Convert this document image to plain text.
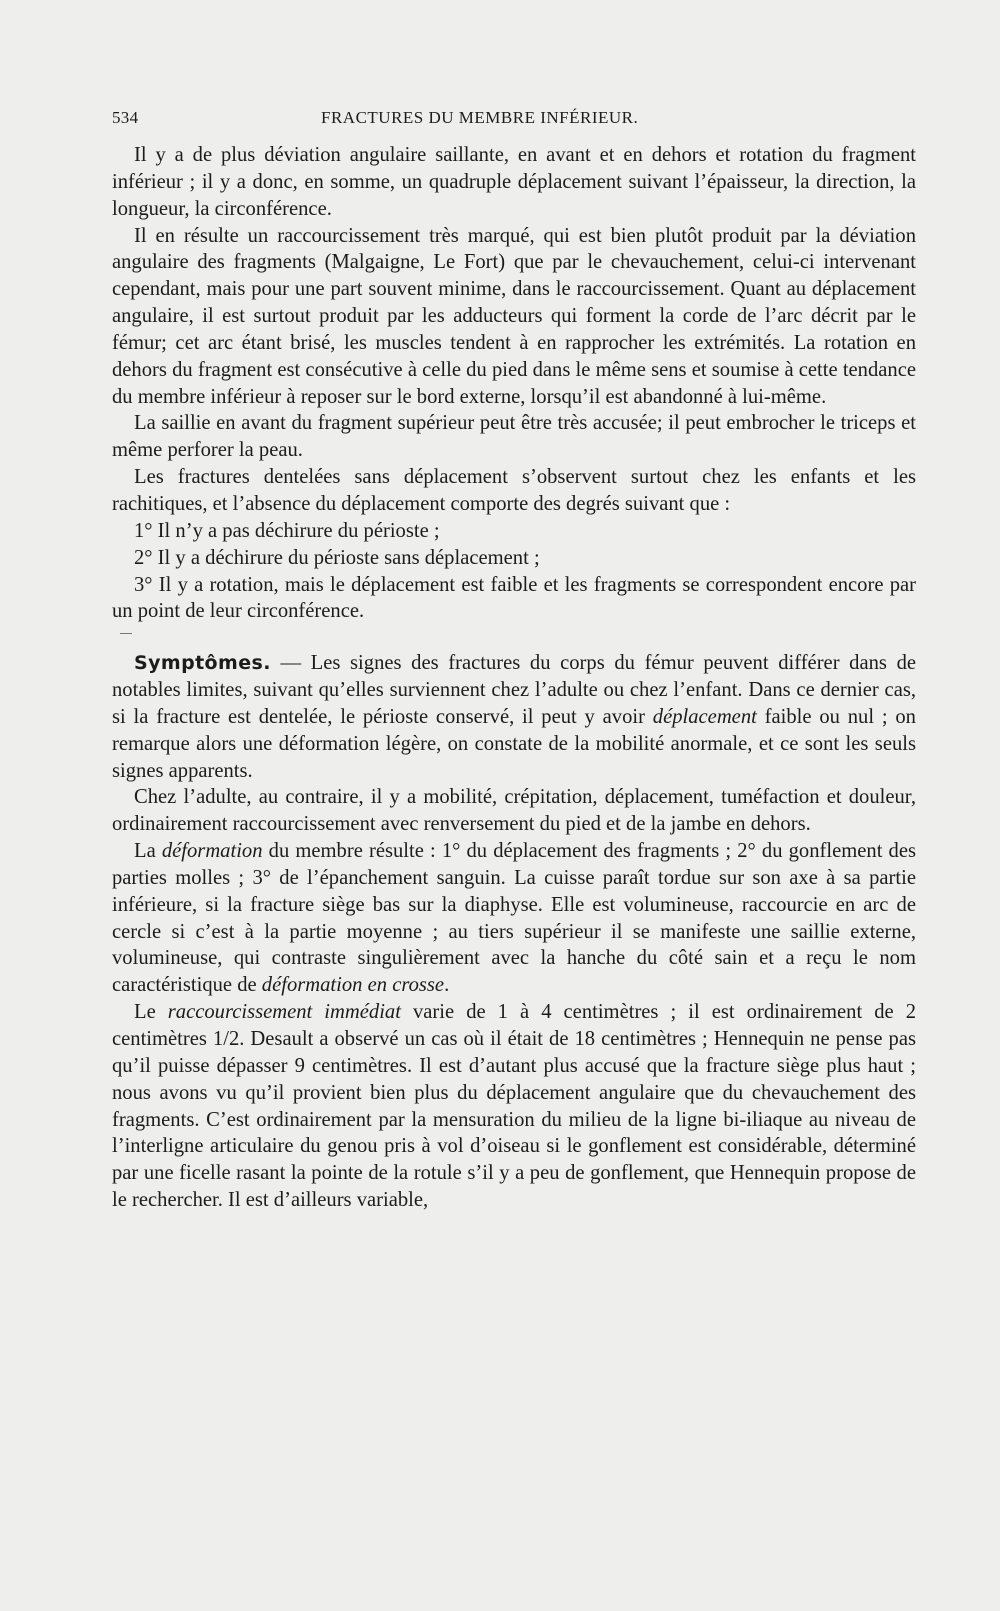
534	FRACTURES DU MEMBRE INFÉRIEUR.

Il y a de plus déviation angulaire saillante, en avant et en dehors et rotation du fragment inférieur ; il y a donc, en somme, un quadruple déplacement suivant l’épaisseur, la direction, la longueur, la circonférence.

Il en résulte un raccourcissement très marqué, qui est bien plutôt produit par la déviation angulaire des fragments (Malgaigne, Le Fort) que par le chevauchement, celui-ci intervenant cependant, mais pour une part souvent minime, dans le raccourcissement. Quant au déplacement angulaire, il est surtout produit par les adducteurs qui forment la corde de l’arc décrit par le fémur; cet arc étant brisé, les muscles tendent à en rapprocher les extrémités. La rotation en dehors du fragment est consécutive à celle du pied dans le même sens et soumise à cette tendance du membre inférieur à reposer sur le bord externe, lorsqu’il est abandonné à lui-même.

La saillie en avant du fragment supérieur peut être très accusée; il peut embrocher le triceps et même perforer la peau.

Les fractures dentelées sans déplacement s’observent surtout chez les enfants et les rachitiques, et l’absence du déplacement comporte des degrés suivant que :

1° Il n’y a pas déchirure du périoste ;

2° Il y a déchirure du périoste sans déplacement ;

3° Il y a rotation, mais le déplacement est faible et les fragments se correspondent encore par un point de leur circonférence.

Symptômes. — Les signes des fractures du corps du fémur peuvent différer dans de notables limites, suivant qu’elles surviennent chez l’adulte ou chez l’enfant. Dans ce dernier cas, si la fracture est dentelée, le périoste conservé, il peut y avoir déplacement faible ou nul ; on remarque alors une déformation légère, on constate de la mobilité anormale, et ce sont les seuls signes apparents.

Chez l’adulte, au contraire, il y a mobilité, crépitation, déplacement, tuméfaction et douleur, ordinairement raccourcissement avec renversement du pied et de la jambe en dehors.

La déformation du membre résulte : 1° du déplacement des fragments ; 2° du gonflement des parties molles ; 3° de l’épanchement sanguin. La cuisse paraît tordue sur son axe à sa partie inférieure, si la fracture siège bas sur la diaphyse. Elle est volumineuse, raccourcie en arc de cercle si c’est à la partie moyenne ; au tiers supérieur il se manifeste une saillie externe, volumineuse, qui contraste singulièrement avec la hanche du côté sain et a reçu le nom caractéristique de déformation en crosse.

Le raccourcissement immédiat varie de 1 à 4 centimètres ; il est ordinairement de 2 centimètres 1/2. Desault a observé un cas où il était de 18 centimètres ; Hennequin ne pense pas qu’il puisse dépasser 9 centimètres. Il est d’autant plus accusé que la fracture siège plus haut ; nous avons vu qu’il provient bien plus du déplacement angulaire que du chevauchement des fragments. C’est ordinairement par la mensuration du milieu de la ligne bi-iliaque au niveau de l’interligne articulaire du genou pris à vol d’oiseau si le gonflement est considérable, déterminé par une ficelle rasant la pointe de la rotule s’il y a peu de gonflement, que Hennequin propose de le rechercher. Il est d’ailleurs variable,
